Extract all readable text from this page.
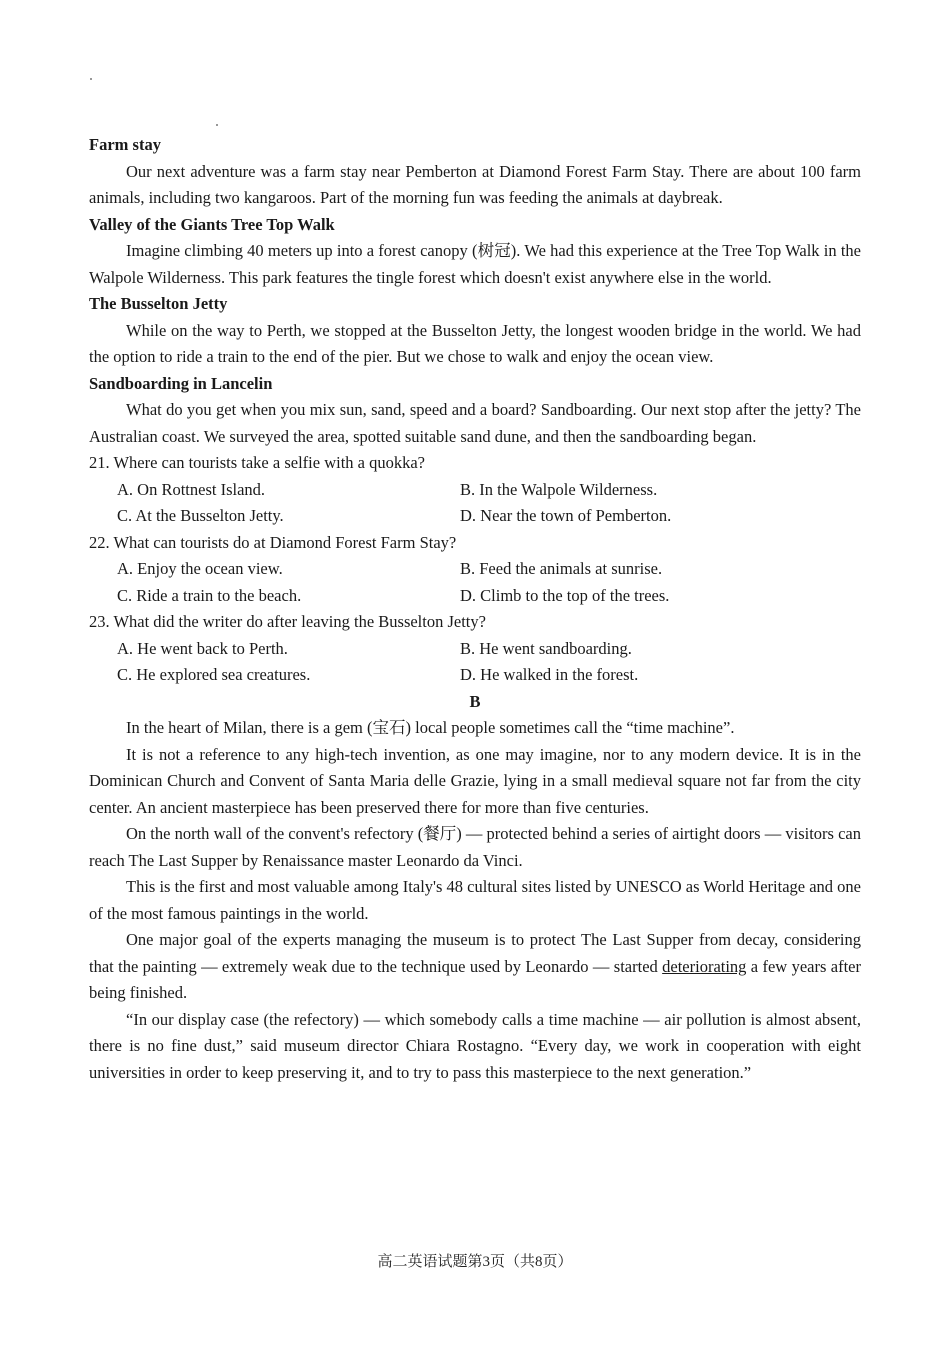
Farm stay

Our next adventure was a farm stay near Pemberton at Diamond Forest Farm Stay. There are about 100 farm animals, including two kangaroos. Part of the morning fun was feeding the animals at daybreak.

Valley of the Giants Tree Top Walk

Imagine climbing 40 meters up into a forest canopy (树冠). We had this experience at the Tree Top Walk in the Walpole Wilderness. This park features the tingle forest which doesn't exist anywhere else in the world.

The Busselton Jetty

While on the way to Perth, we stopped at the Busselton Jetty, the longest wooden bridge in the world. We had the option to ride a train to the end of the pier. But we chose to walk and enjoy the ocean view.

Sandboarding in Lancelin

What do you get when you mix sun, sand, speed and a board? Sandboarding. Our next stop after the jetty? The Australian coast. We surveyed the area, spotted suitable sand dune, and then the sandboarding began.

21. Where can tourists take a selfie with a quokka?

A. On Rottnest Island.	B. In the Walpole Wilderness.
C. At the Busselton Jetty.	D. Near the town of Pemberton.

22. What can tourists do at Diamond Forest Farm Stay?

A. Enjoy the ocean view.	B. Feed the animals at sunrise.
C. Ride a train to the beach.	D. Climb to the top of the trees.

23. What did the writer do after leaving the Busselton Jetty?

A. He went back to Perth.	B. He went sandboarding.
C. He explored sea creatures.	D. He walked in the forest.

B

In the heart of Milan, there is a gem (宝石) local people sometimes call the “time machine”.

It is not a reference to any high-tech invention, as one may imagine, nor to any modern device. It is in the Dominican Church and Convent of Santa Maria delle Grazie, lying in a small medieval square not far from the city center. An ancient masterpiece has been preserved there for more than five centuries.

On the north wall of the convent's refectory (餐厅) — protected behind a series of airtight doors — visitors can reach The Last Supper by Renaissance master Leonardo da Vinci.

This is the first and most valuable among Italy's 48 cultural sites listed by UNESCO as World Heritage and one of the most famous paintings in the world.

One major goal of the experts managing the museum is to protect The Last Supper from decay, considering that the painting — extremely weak due to the technique used by Leonardo — started deteriorating a few years after being finished.

“In our display case (the refectory) — which somebody calls a time machine — air pollution is almost absent, there is no fine dust,” said museum director Chiara Rostagno. “Every day, we work in cooperation with eight universities in order to keep preserving it, and to try to pass this masterpiece to the next generation.”

高二英语试题第3页（共8页）
